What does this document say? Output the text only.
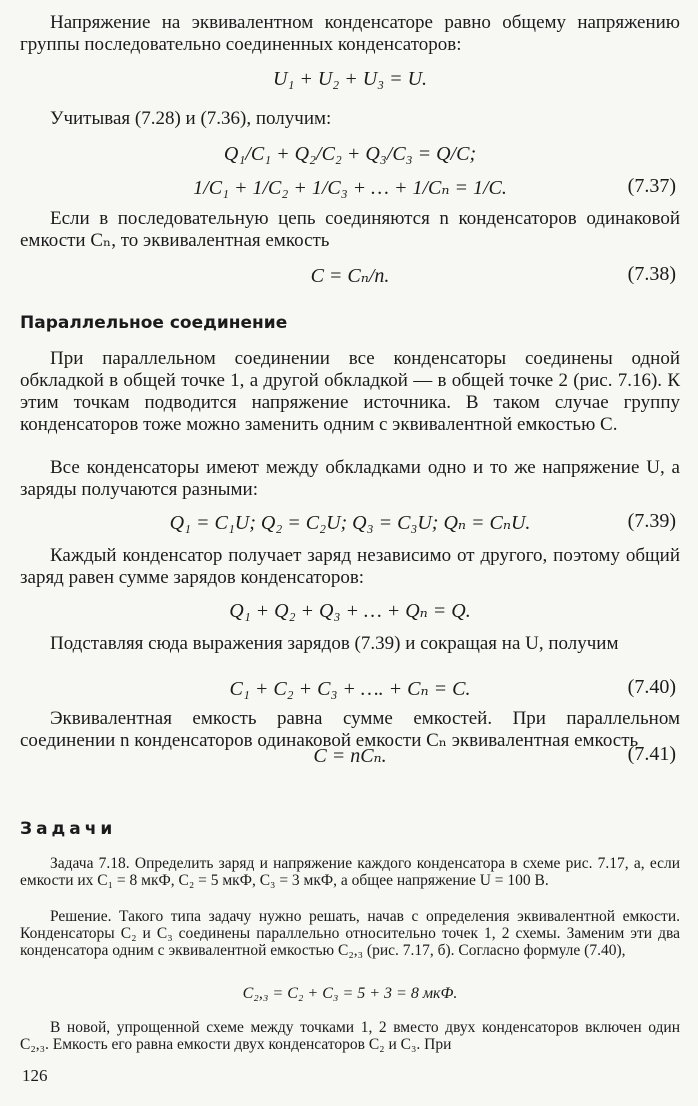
Напряжение на эквивалентном конденсаторе равно общему напряжению группы последовательно соединенных конденсаторов:

U₁ + U₂ + U₃ = U.

Учитывая (7.28) и (7.36), получим:

Q₁/C₁ + Q₂/C₂ + Q₃/C₃ = Q/C;
1/C₁ + 1/C₂ + 1/C₃ + … + 1/Cₙ = 1/C.	(7.37)

Если в последовательную цепь соединяются n конденсаторов одинаковой емкости Cₙ, то эквивалентная емкость

C = Cₙ/n.	(7.38)
Параллельное соединение

При параллельном соединении все конденсаторы соединены одной обкладкой в общей точке 1, а другой обкладкой — в общей точке 2 (рис. 7.16). К этим точкам подводится напряжение источника. В таком случае группу конденсаторов тоже можно заменить одним с эквивалентной емкостью C.

Все конденсаторы имеют между обкладками одно и то же напряжение U, а заряды получаются разными:

Q₁ = C₁U; Q₂ = C₂U; Q₃ = C₃U; Qₙ = CₙU.	(7.39)

Каждый конденсатор получает заряд независимо от другого, поэтому общий заряд равен сумме зарядов конденсаторов:

Q₁ + Q₂ + Q₃ + … + Qₙ = Q.

Подставляя сюда выражения зарядов (7.39) и сокращая на U, получим

C₁ + C₂ + C₃ + …. + Cₙ = C.	(7.40)

Эквивалентная емкость равна сумме емкостей. При параллельном соединении n конденсаторов одинаковой емкости Cₙ эквивалентная емкость

C = nCₙ.	(7.41)
Задачи

Задача 7.18. Определить заряд и напряжение каждого конденсатора в схеме рис. 7.17, а, если емкости их C₁ = 8 мкФ, C₂ = 5 мкФ, C₃ = 3 мкФ, а общее напряжение U = 100 В.

Решение. Такого типа задачу нужно решать, начав с определения эквивалентной емкости. Конденсаторы C₂ и C₃ соединены параллельно относительно точек 1, 2 схемы. Заменим эти два конденсатора одним с эквивалентной емкостью C₂,₃ (рис. 7.17, б). Согласно формуле (7.40),

C₂,₃ = C₂ + C₃ = 5 + 3 = 8 мкФ.

В новой, упрощенной схеме между точками 1, 2 вместо двух конденсаторов включен один C₂,₃. Емкость его равна емкости двух конденсаторов C₂ и C₃. При

126
